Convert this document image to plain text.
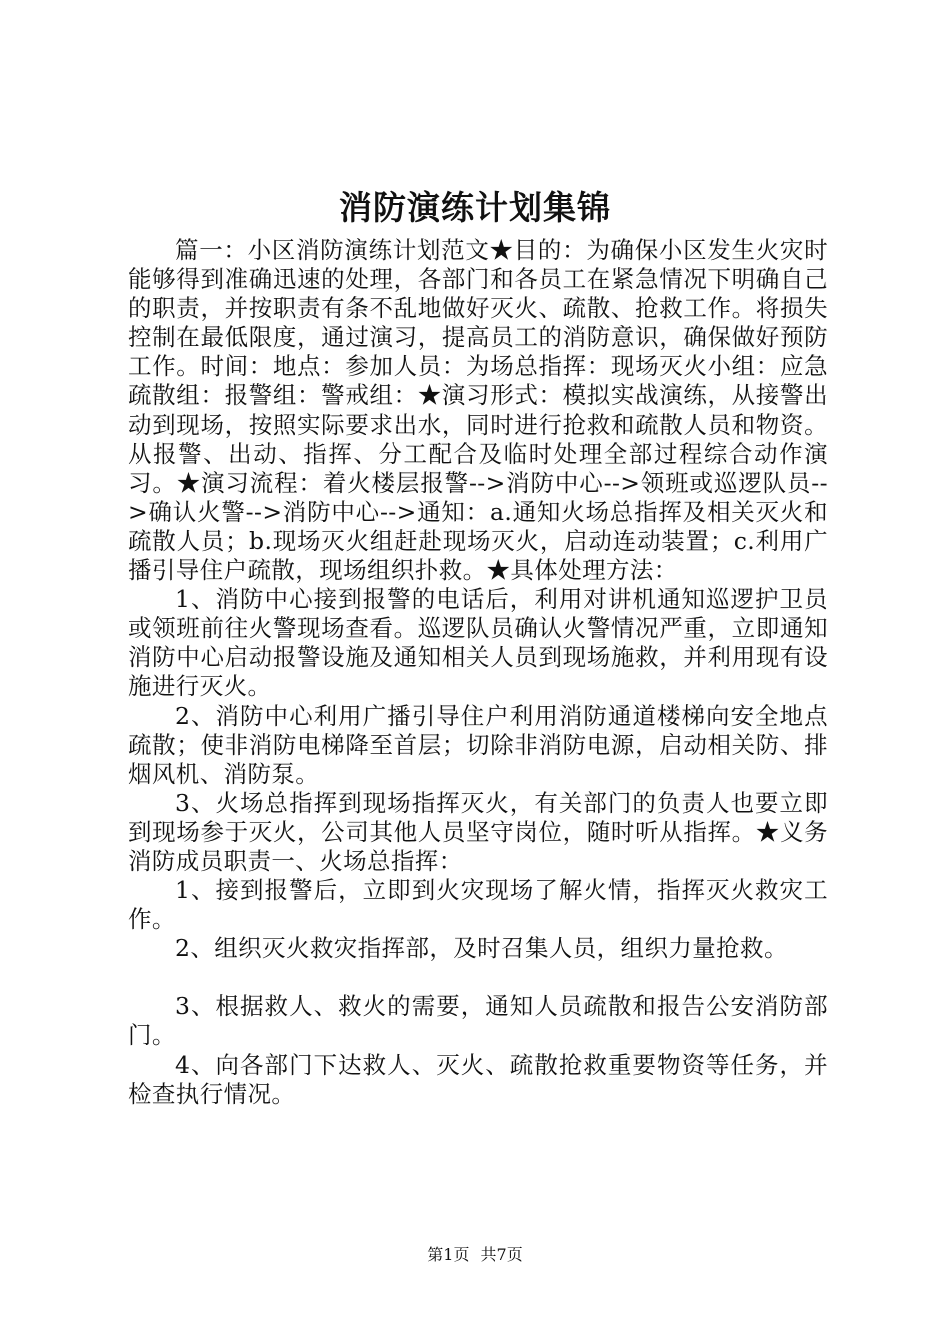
消防演练计划集锦

篇一：小区消防演练计划范文★目的：为确保小区发生火灾时能够得到准确迅速的处理，各部门和各员工在紧急情况下明确自己的职责，并按职责有条不乱地做好灭火、疏散、抢救工作。将损失控制在最低限度，通过演习，提高员工的消防意识，确保做好预防工作。时间：地点：参加人员：为场总指挥：现场灭火小组：应急疏散组：报警组：警戒组：★演习形式：模拟实战演练，从接警出动到现场，按照实际要求出水，同时进行抢救和疏散人员和物资。从报警、出动、指挥、分工配合及临时处理全部过程综合动作演习。★演习流程：着火楼层报警-->消防中心-->领班或巡逻队员-->确认火警-->消防中心-->通知：a.通知火场总指挥及相关灭火和疏散人员；b.现场灭火组赶赴现场灭火，启动连动装置；c.利用广播引导住户疏散，现场组织扑救。★具体处理方法：

1、消防中心接到报警的电话后，利用对讲机通知巡逻护卫员或领班前往火警现场查看。巡逻队员确认火警情况严重，立即通知消防中心启动报警设施及通知相关人员到现场施救，并利用现有设施进行灭火。

2、消防中心利用广播引导住户利用消防通道楼梯向安全地点疏散；使非消防电梯降至首层；切除非消防电源，启动相关防、排烟风机、消防泵。

3、火场总指挥到现场指挥灭火，有关部门的负责人也要立即到现场参于灭火，公司其他人员坚守岗位，随时听从指挥。★义务消防成员职责一、火场总指挥：

1、接到报警后，立即到火灾现场了解火情，指挥灭火救灾工作。

2、组织灭火救灾指挥部，及时召集人员，组织力量抢救。

3、根据救人、救火的需要，通知人员疏散和报告公安消防部门。

4、向各部门下达救人、灭火、疏散抢救重要物资等任务，并检查执行情况。

第1页 共7页
